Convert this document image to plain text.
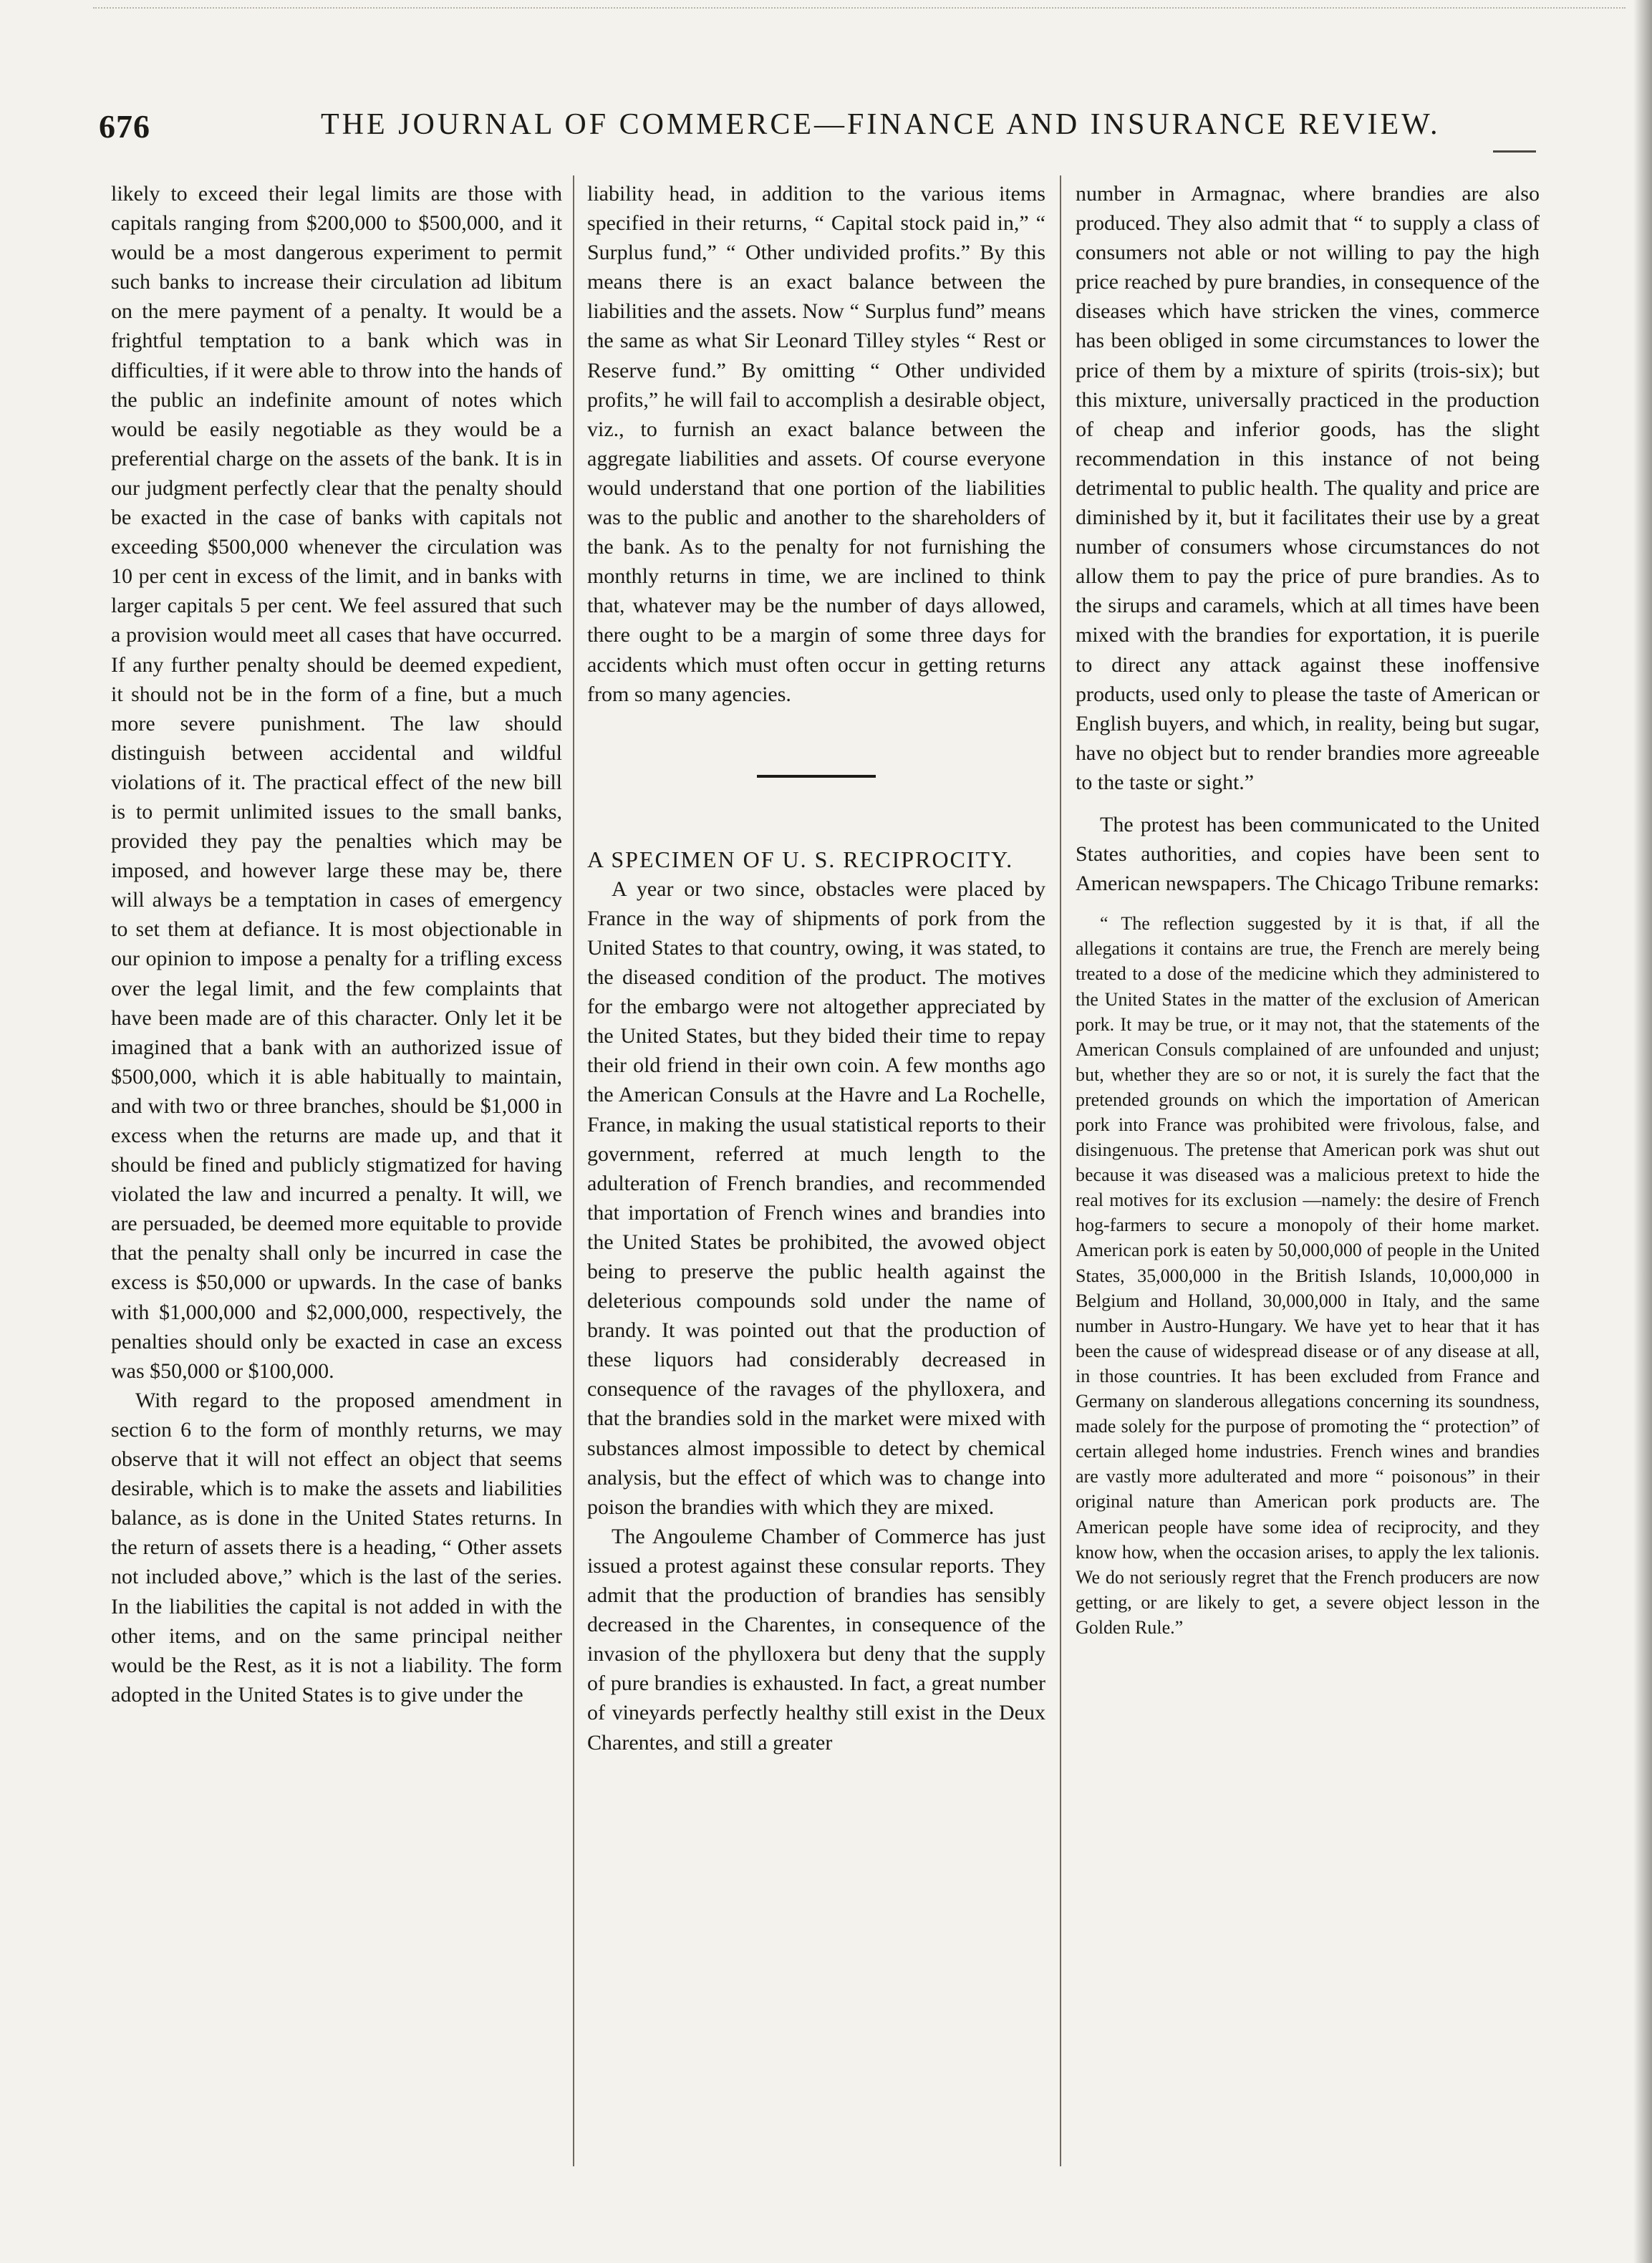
676	THE JOURNAL OF COMMERCE—FINANCE AND INSURANCE REVIEW.

likely to exceed their legal limits are those with capitals ranging from $200,000 to $500,000, and it would be a most dangerous experiment to permit such banks to increase their circulation ad libitum on the mere payment of a penalty. It would be a frightful temptation to a bank which was in difficulties, if it were able to throw into the hands of the public an indefinite amount of notes which would be easily negotiable as they would be a preferential charge on the assets of the bank. It is in our judgment perfectly clear that the penalty should be exacted in the case of banks with capitals not exceeding $500,000 whenever the circulation was 10 per cent in excess of the limit, and in banks with larger capitals 5 per cent. We feel assured that such a provision would meet all cases that have occurred. If any further penalty should be deemed expedient, it should not be in the form of a fine, but a much more severe punishment. The law should distinguish between accidental and wildful violations of it. The practical effect of the new bill is to permit unlimited issues to the small banks, provided they pay the penalties which may be imposed, and however large these may be, there will always be a temptation in cases of emergency to set them at defiance. It is most objectionable in our opinion to impose a penalty for a trifling excess over the legal limit, and the few complaints that have been made are of this character. Only let it be imagined that a bank with an authorized issue of $500,000, which it is able habitually to maintain, and with two or three branches, should be $1,000 in excess when the returns are made up, and that it should be fined and publicly stigmatized for having violated the law and incurred a penalty. It will, we are persuaded, be deemed more equitable to provide that the penalty shall only be incurred in case the excess is $50,000 or upwards. In the case of banks with $1,000,000 and $2,000,000, respectively, the penalties should only be exacted in case an excess was $50,000 or $100,000.

With regard to the proposed amendment in section 6 to the form of monthly returns, we may observe that it will not effect an object that seems desirable, which is to make the assets and liabilities balance, as is done in the United States returns. In the return of assets there is a heading, “ Other assets not included above,” which is the last of the series. In the liabilities the capital is not added in with the other items, and on the same principal neither would be the Rest, as it is not a liability. The form adopted in the United States is to give under the

liability head, in addition to the various items specified in their returns, “ Capital stock paid in,” “ Surplus fund,” “ Other undivided profits.” By this means there is an exact balance between the liabilities and the assets. Now “ Surplus fund” means the same as what Sir Leonard Tilley styles “ Rest or Reserve fund.” By omitting “ Other undivided profits,” he will fail to accomplish a desirable object, viz., to furnish an exact balance between the aggregate liabilities and assets. Of course everyone would understand that one portion of the liabilities was to the public and another to the shareholders of the bank. As to the penalty for not furnishing the monthly returns in time, we are inclined to think that, whatever may be the number of days allowed, there ought to be a margin of some three days for accidents which must often occur in getting returns from so many agencies.

A SPECIMEN OF U. S. RECIPROCITY.

A year or two since, obstacles were placed by France in the way of shipments of pork from the United States to that country, owing, it was stated, to the diseased condition of the product. The motives for the embargo were not altogether appreciated by the United States, but they bided their time to repay their old friend in their own coin. A few months ago the American Consuls at the Havre and La Rochelle, France, in making the usual statistical reports to their government, referred at much length to the adulteration of French brandies, and recommended that importation of French wines and brandies into the United States be prohibited, the avowed object being to preserve the public health against the deleterious compounds sold under the name of brandy. It was pointed out that the production of these liquors had considerably decreased in consequence of the ravages of the phylloxera, and that the brandies sold in the market were mixed with substances almost impossible to detect by chemical analysis, but the effect of which was to change into poison the brandies with which they are mixed.

The Angouleme Chamber of Commerce has just issued a protest against these consular reports. They admit that the production of brandies has sensibly decreased in the Charentes, in consequence of the invasion of the phylloxera but deny that the supply of pure brandies is exhausted. In fact, a great number of vineyards perfectly healthy still exist in the Deux Charentes, and still a greater

number in Armagnac, where brandies are also produced. They also admit that “ to supply a class of consumers not able or not willing to pay the high price reached by pure brandies, in consequence of the diseases which have stricken the vines, commerce has been obliged in some circumstances to lower the price of them by a mixture of spirits (trois-six); but this mixture, universally practiced in the production of cheap and inferior goods, has the slight recommendation in this instance of not being detrimental to public health. The quality and price are diminished by it, but it facilitates their use by a great number of consumers whose circumstances do not allow them to pay the price of pure brandies. As to the sirups and caramels, which at all times have been mixed with the brandies for exportation, it is puerile to direct any attack against these inoffensive products, used only to please the taste of American or English buyers, and which, in reality, being but sugar, have no object but to render brandies more agreeable to the taste or sight.”

The protest has been communicated to the United States authorities, and copies have been sent to American newspapers. The Chicago Tribune remarks:

“ The reflection suggested by it is that, if all the allegations it contains are true, the French are merely being treated to a dose of the medicine which they administered to the United States in the matter of the exclusion of American pork. It may be true, or it may not, that the statements of the American Consuls complained of are unfounded and unjust; but, whether they are so or not, it is surely the fact that the pretended grounds on which the importation of American pork into France was prohibited were frivolous, false, and disingenuous. The pretense that American pork was shut out because it was diseased was a malicious pretext to hide the real motives for its exclusion —namely: the desire of French hog-farmers to secure a monopoly of their home market. American pork is eaten by 50,000,000 of people in the United States, 35,000,000 in the British Islands, 10,000,000 in Belgium and Holland, 30,000,000 in Italy, and the same number in Austro-Hungary. We have yet to hear that it has been the cause of widespread disease or of any disease at all, in those countries. It has been excluded from France and Germany on slanderous allegations concerning its soundness, made solely for the purpose of promoting the “ protection” of certain alleged home industries. French wines and brandies are vastly more adulterated and more “ poisonous” in their original nature than American pork products are. The American people have some idea of reciprocity, and they know how, when the occasion arises, to apply the lex talionis. We do not seriously regret that the French producers are now getting, or are likely to get, a severe object lesson in the Golden Rule.”
